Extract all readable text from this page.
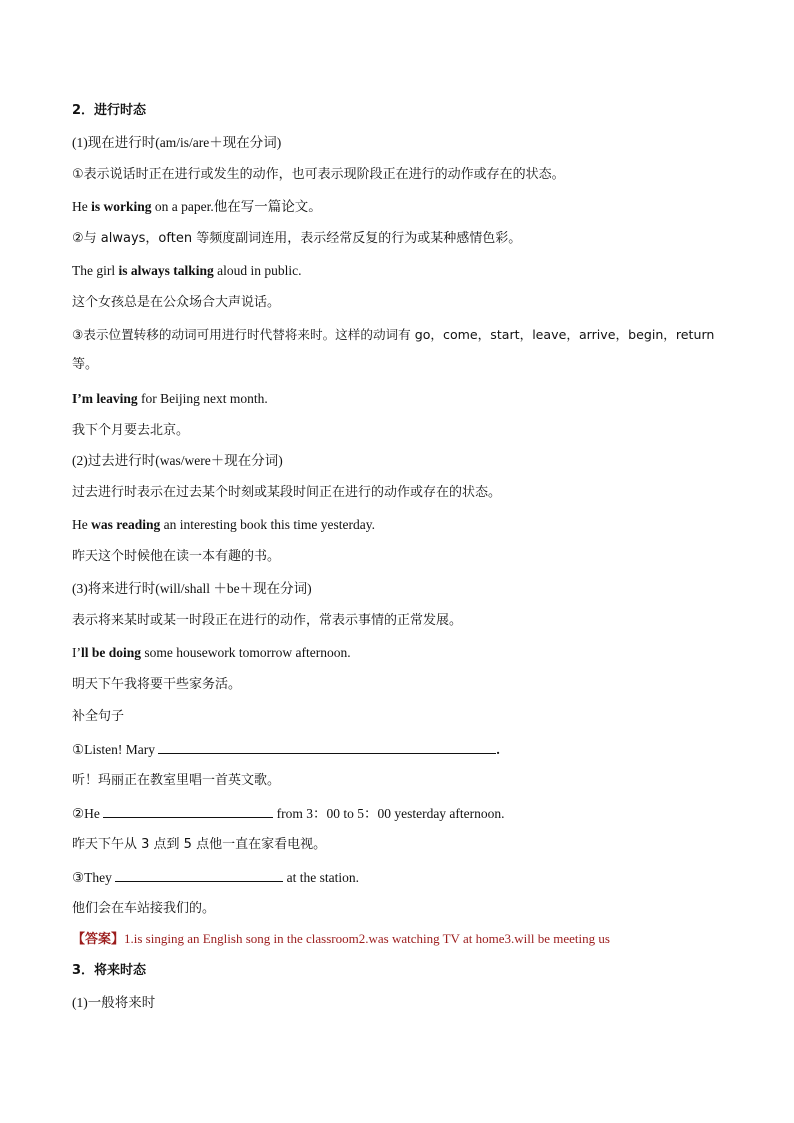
2．进行时态
(1)现在进行时(am/is/are＋现在分词)
①表示说话时正在进行或发生的动作，也可表示现阶段正在进行的动作或存在的状态。
He is working on a paper.他在写一篇论文。
②与 always，often 等频度副词连用，表示经常反复的行为或某种感情色彩。
The girl is always talking aloud in public.
这个女孩总是在公众场合大声说话。
③表示位置转移的动词可用进行时代替将来时。这样的动词有 go，come，start，leave，arrive，begin，return
等。
I’m leaving for Beijing next month.
我下个月要去北京。
(2)过去进行时(was/were＋现在分词)
过去进行时表示在过去某个时刻或某段时间正在进行的动作或存在的状态。
He was reading an interesting book this time yesterday.
昨天这个时候他在读一本有趣的书。
(3)将来进行时(will/shall ＋be＋现在分词)
表示将来某时或某一时段正在进行的动作，常表示事情的正常发展。
I’ll be doing some housework tomorrow afternoon.
明天下午我将要干些家务活。
补全句子
①Listen! Mary	.
听！玛丽正在教室里唱一首英文歌。
②He	from 3：00 to 5：00 yesterday afternoon.
昨天下午从 3 点到 5 点他一直在家看电视。
③They	at the station.
他们会在车站接我们的。
【答案】1.is singing an English song in the classroom2.was watching TV at home3.will be meeting us
3．将来时态
(1)一般将来时
